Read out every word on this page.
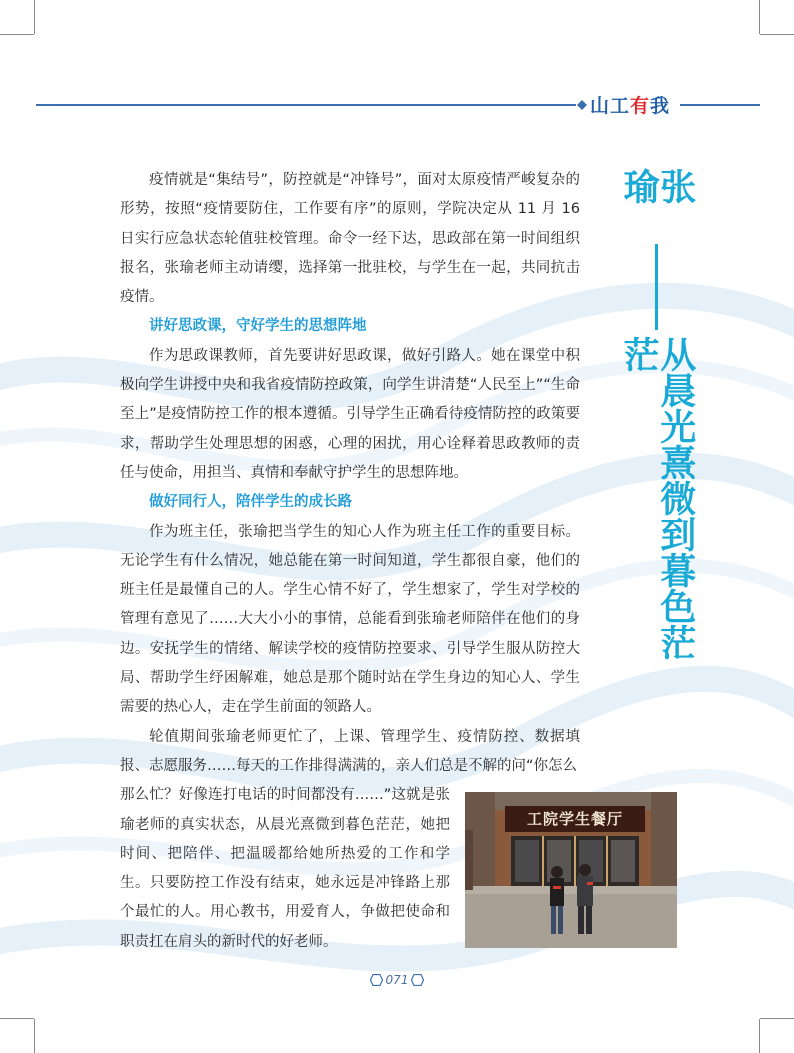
山 工 有 我
张瑜
从晨光熹微到暮色茫茫

疫情就是“集结号”，防控就是“冲锋号”，面对太原疫情严峻复杂的形势，按照“疫情要防住，工作要有序”的原则，学院决定从 11 月 16 日实行应急状态轮值驻校管理。命令一经下达，思政部在第一时间组织报名，张瑜老师主动请缨，选择第一批驻校，与学生在一起，共同抗击疫情。

讲好思政课，守好学生的思想阵地

作为思政课教师，首先要讲好思政课，做好引路人。她在课堂中积极向学生讲授中央和我省疫情防控政策，向学生讲清楚“人民至上”“生命至上”是疫情防控工作的根本遵循。引导学生正确看待疫情防控的政策要求，帮助学生处理思想的困惑，心理的困扰，用心诠释着思政教师的责任与使命，用担当、真情和奉献守护学生的思想阵地。

做好同行人，陪伴学生的成长路

作为班主任，张瑜把当学生的知心人作为班主任工作的重要目标。无论学生有什么情况，她总能在第一时间知道，学生都很自豪，他们的班主任是最懂自己的人。学生心情不好了，学生想家了，学生对学校的管理有意见了……大大小小的事情，总能看到张瑜老师陪伴在他们的身边。安抚学生的情绪、解读学校的疫情防控要求、引导学生服从防控大局、帮助学生纾困解难，她总是那个随时站在学生身边的知心人、学生需要的热心人，走在学生前面的领路人。

轮值期间张瑜老师更忙了，上课、管理学生、疫情防控、数据填报、志愿服务……每天的工作排得满满的，亲人们总是不解的问“你怎么

那么忙？好像连打电话的时间都没有……”这就是张瑜老师的真实状态，从晨光熹微到暮色茫茫，她把时间、把陪伴、把温暖都给她所热爱的工作和学生。只要防控工作没有结束，她永远是冲锋路上那个最忙的人。用心教书，用爱育人，争做把使命和职责扛在肩头的新时代的好老师。
工院学生餐厅
071
